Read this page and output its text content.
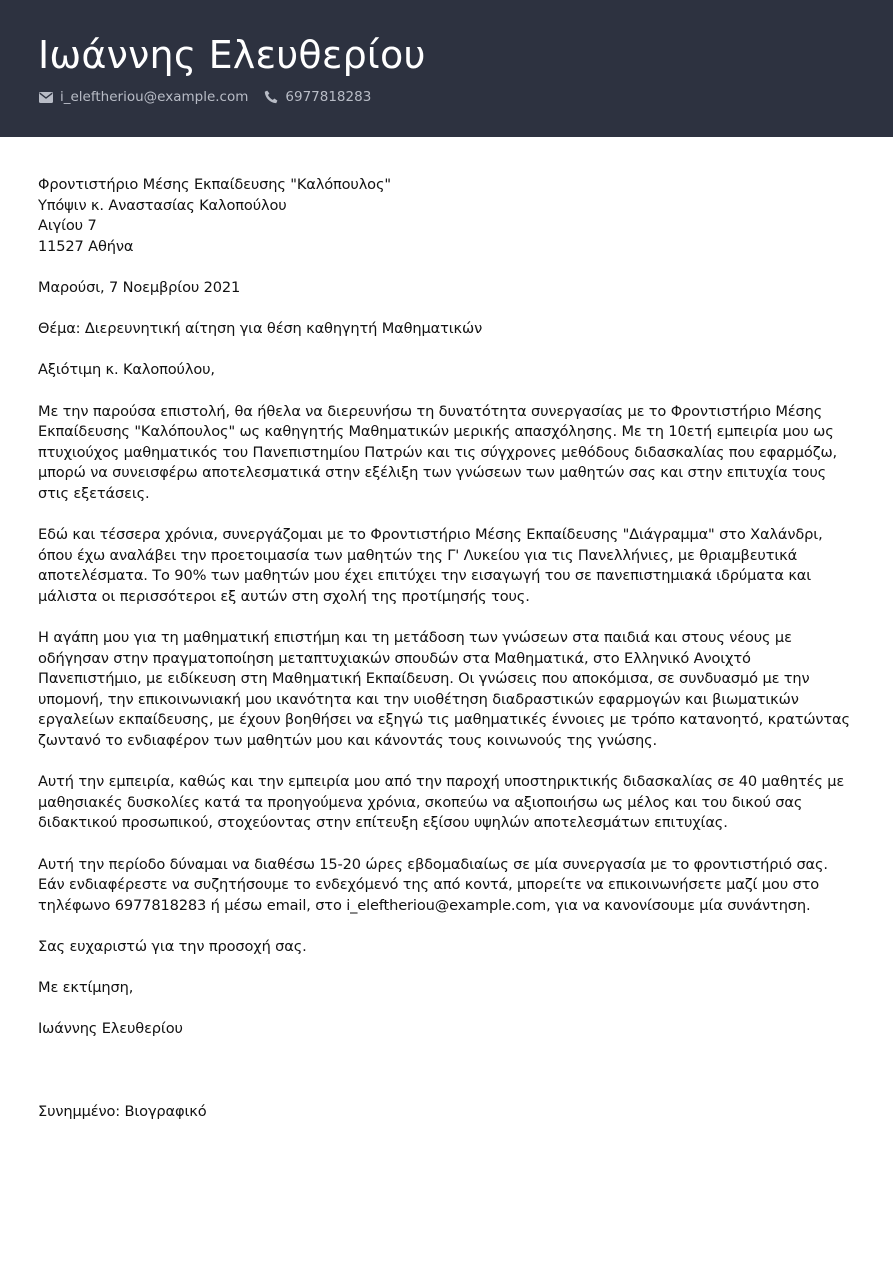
Ιωάννης Ελευθερίου
i_eleftheriou@example.com	6977818283
Φροντιστήριο Μέσης Εκπαίδευσης "Καλόπουλος"
Υπόψιν κ. Αναστασίας Καλοπούλου
Αιγίου 7
11527 Αθήνα

Μαρούσι, 7 Νοεμβρίου 2021

Θέμα: Διερευνητική αίτηση για θέση καθηγητή Μαθηματικών

Αξιότιμη κ. Καλοπούλου,

Με την παρούσα επιστολή, θα ήθελα να διερευνήσω τη δυνατότητα συνεργασίας με το Φροντιστήριο Μέσης Εκπαίδευσης "Καλόπουλος" ως καθηγητής Μαθηματικών μερικής απασχόλησης. Με τη 10ετή εμπειρία μου ως πτυχιούχος μαθηματικός του Πανεπιστημίου Πατρών και τις σύγχρονες μεθόδους διδασκαλίας που εφαρμόζω, μπορώ να συνεισφέρω αποτελεσματικά στην εξέλιξη των γνώσεων των μαθητών σας και στην επιτυχία τους στις εξετάσεις.

Εδώ και τέσσερα χρόνια, συνεργάζομαι με το Φροντιστήριο Μέσης Εκπαίδευσης "Διάγραμμα" στο Χαλάνδρι, όπου έχω αναλάβει την προετοιμασία των μαθητών της Γ' Λυκείου για τις Πανελλήνιες, με θριαμβευτικά αποτελέσματα. Το 90% των μαθητών μου έχει επιτύχει την εισαγωγή του σε πανεπιστημιακά ιδρύματα και μάλιστα οι περισσότεροι εξ αυτών στη σχολή της προτίμησής τους.

Η αγάπη μου για τη μαθηματική επιστήμη και τη μετάδοση των γνώσεων στα παιδιά και στους νέους με οδήγησαν στην πραγματοποίηση μεταπτυχιακών σπουδών στα Μαθηματικά, στο Ελληνικό Ανοιχτό Πανεπιστήμιο, με ειδίκευση στη Μαθηματική Εκπαίδευση. Οι γνώσεις που αποκόμισα, σε συνδυασμό με την υπομονή, την επικοινωνιακή μου ικανότητα και την υιοθέτηση διαδραστικών εφαρμογών και βιωματικών εργαλείων εκπαίδευσης, με έχουν βοηθήσει να εξηγώ τις μαθηματικές έννοιες με τρόπο κατανοητό, κρατώντας ζωντανό το ενδιαφέρον των μαθητών μου και κάνοντάς τους κοινωνούς της γνώσης.

Αυτή την εμπειρία, καθώς και την εμπειρία μου από την παροχή υποστηρικτικής διδασκαλίας σε 40 μαθητές με μαθησιακές δυσκολίες κατά τα προηγούμενα χρόνια, σκοπεύω να αξιοποιήσω ως μέλος και του δικού σας διδακτικού προσωπικού, στοχεύοντας στην επίτευξη εξίσου υψηλών αποτελεσμάτων επιτυχίας.

Αυτή την περίοδο δύναμαι να διαθέσω 15-20 ώρες εβδομαδιαίως σε μία συνεργασία με το φροντιστήριό σας. Εάν ενδιαφέρεστε να συζητήσουμε το ενδεχόμενό της από κοντά, μπορείτε να επικοινωνήσετε μαζί μου στο τηλέφωνο 6977818283 ή μέσω email, στο i_eleftheriou@example.com, για να κανονίσουμε μία συνάντηση.

Σας ευχαριστώ για την προσοχή σας.

Με εκτίμηση,

Ιωάννης Ελευθερίου

Συνημμένο: Βιογραφικό
